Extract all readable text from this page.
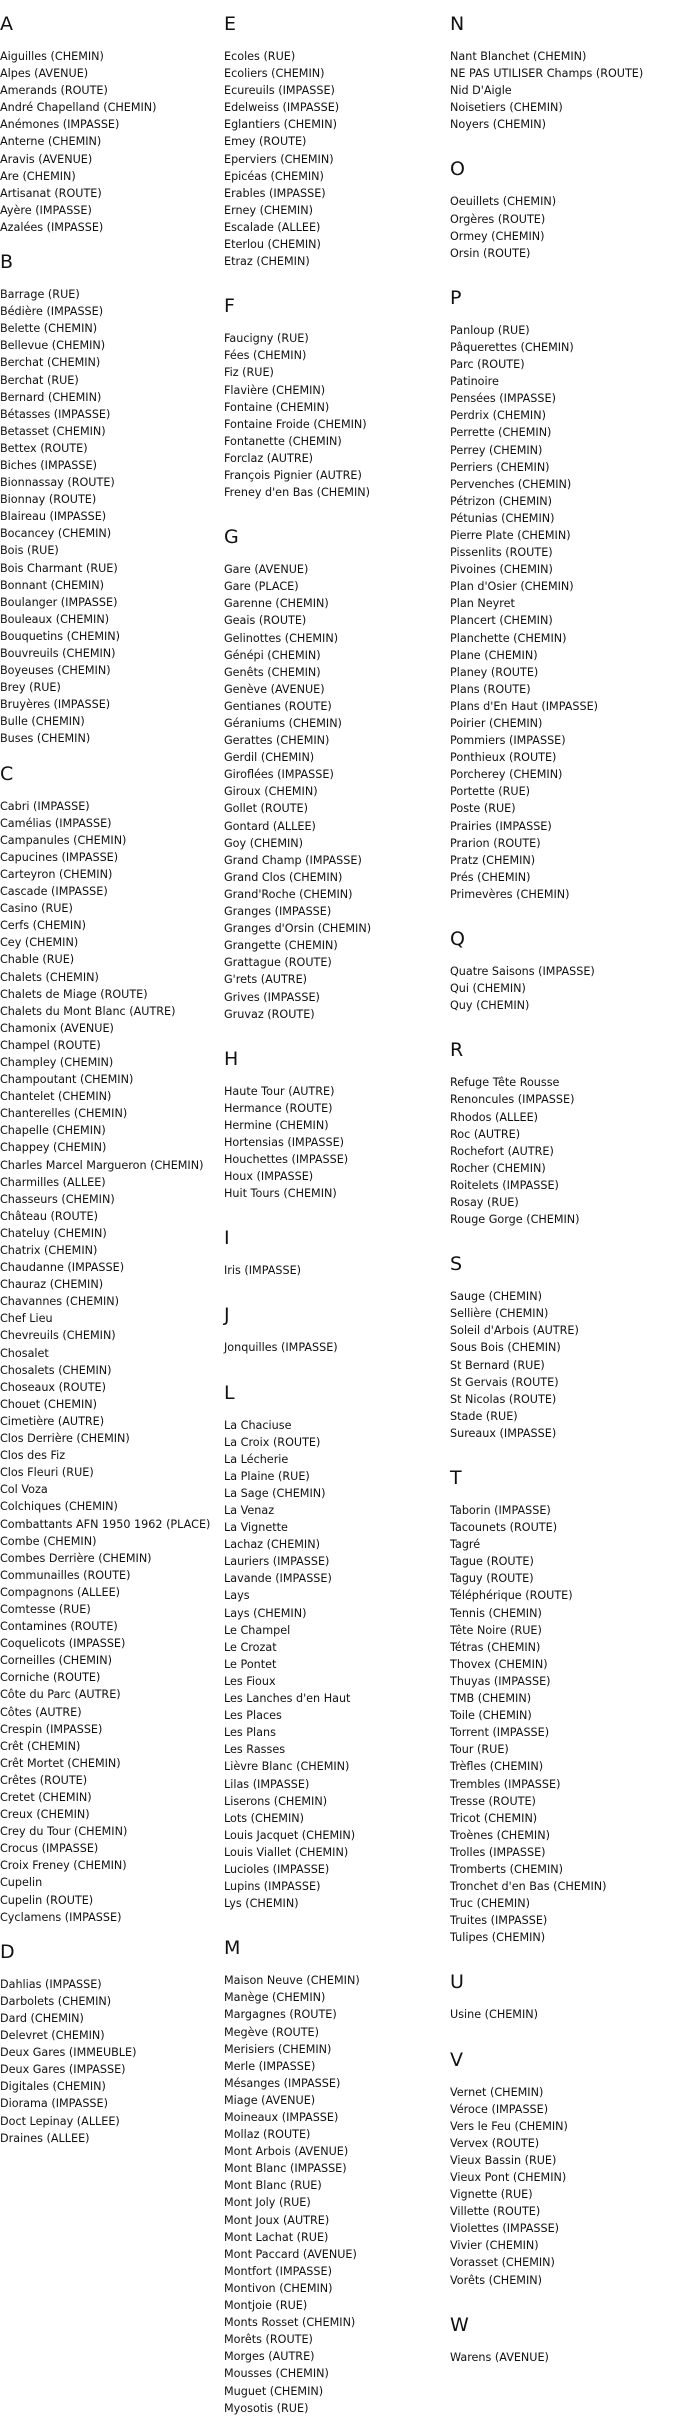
A
Aiguilles (CHEMIN)
Alpes (AVENUE)
Amerands (ROUTE)
André Chapelland (CHEMIN)
Anémones (IMPASSE)
Anterne (CHEMIN)
Aravis (AVENUE)
Are (CHEMIN)
Artisanat (ROUTE)
Ayère (IMPASSE)
Azalées (IMPASSE)
B
Barrage (RUE)
Bédière (IMPASSE)
Belette (CHEMIN)
Bellevue (CHEMIN)
Berchat (CHEMIN)
Berchat (RUE)
Bernard (CHEMIN)
Bétasses (IMPASSE)
Betasset (CHEMIN)
Bettex (ROUTE)
Biches (IMPASSE)
Bionnassay (ROUTE)
Bionnay (ROUTE)
Blaireau (IMPASSE)
Bocancey (CHEMIN)
Bois (RUE)
Bois Charmant (RUE)
Bonnant (CHEMIN)
Boulanger (IMPASSE)
Bouleaux (CHEMIN)
Bouquetins (CHEMIN)
Bouvreuils (CHEMIN)
Boyeuses (CHEMIN)
Brey (RUE)
Bruyères (IMPASSE)
Bulle (CHEMIN)
Buses (CHEMIN)
C
Cabri (IMPASSE)
Camélias (IMPASSE)
Campanules (CHEMIN)
Capucines (IMPASSE)
Carteyron (CHEMIN)
Cascade (IMPASSE)
Casino (RUE)
Cerfs (CHEMIN)
Cey (CHEMIN)
Chable (RUE)
Chalets (CHEMIN)
Chalets de Miage (ROUTE)
Chalets du Mont Blanc (AUTRE)
Chamonix (AVENUE)
Champel (ROUTE)
Champley (CHEMIN)
Champoutant (CHEMIN)
Chantelet (CHEMIN)
Chanterelles (CHEMIN)
Chapelle (CHEMIN)
Chappey (CHEMIN)
Charles Marcel Margueron (CHEMIN)
Charmilles (ALLEE)
Chasseurs (CHEMIN)
Château (ROUTE)
Chateluy (CHEMIN)
Chatrix (CHEMIN)
Chaudanne (IMPASSE)
Chauraz (CHEMIN)
Chavannes (CHEMIN)
Chef Lieu
Chevreuils (CHEMIN)
Chosalet
Chosalets (CHEMIN)
Choseaux (ROUTE)
Chouet (CHEMIN)
Cimetière (AUTRE)
Clos Derrière (CHEMIN)
Clos des Fiz
Clos Fleuri (RUE)
Col Voza
Colchiques (CHEMIN)
Combattants AFN 1950 1962 (PLACE)
Combe (CHEMIN)
Combes Derrière (CHEMIN)
Communailles (ROUTE)
Compagnons (ALLEE)
Comtesse (RUE)
Contamines (ROUTE)
Coquelicots (IMPASSE)
Corneilles (CHEMIN)
Corniche (ROUTE)
Côte du Parc (AUTRE)
Côtes (AUTRE)
Crespin (IMPASSE)
Crêt (CHEMIN)
Crêt Mortet (CHEMIN)
Crêtes (ROUTE)
Cretet (CHEMIN)
Creux (CHEMIN)
Crey du Tour (CHEMIN)
Crocus (IMPASSE)
Croix Freney (CHEMIN)
Cupelin
Cupelin (ROUTE)
Cyclamens (IMPASSE)
D
Dahlias (IMPASSE)
Darbolets (CHEMIN)
Dard (CHEMIN)
Delevret (CHEMIN)
Deux Gares (IMMEUBLE)
Deux Gares (IMPASSE)
Digitales (CHEMIN)
Diorama (IMPASSE)
Doct Lepinay (ALLEE)
Draines (ALLEE)
E
Ecoles (RUE)
Ecoliers (CHEMIN)
Ecureuils (IMPASSE)
Edelweiss (IMPASSE)
Eglantiers (CHEMIN)
Emey (ROUTE)
Eperviers (CHEMIN)
Epicéas (CHEMIN)
Erables (IMPASSE)
Erney (CHEMIN)
Escalade (ALLEE)
Eterlou (CHEMIN)
Etraz (CHEMIN)
F
Faucigny (RUE)
Fées (CHEMIN)
Fiz (RUE)
Flavière (CHEMIN)
Fontaine (CHEMIN)
Fontaine Froide (CHEMIN)
Fontanette (CHEMIN)
Forclaz (AUTRE)
François Pignier (AUTRE)
Freney d'en Bas (CHEMIN)
G
Gare (AVENUE)
Gare (PLACE)
Garenne (CHEMIN)
Geais (ROUTE)
Gelinottes (CHEMIN)
Génépi (CHEMIN)
Genêts (CHEMIN)
Genève (AVENUE)
Gentianes (ROUTE)
Géraniums (CHEMIN)
Gerattes (CHEMIN)
Gerdil (CHEMIN)
Giroflées (IMPASSE)
Giroux (CHEMIN)
Gollet (ROUTE)
Gontard (ALLEE)
Goy (CHEMIN)
Grand Champ (IMPASSE)
Grand Clos (CHEMIN)
Grand'Roche (CHEMIN)
Granges (IMPASSE)
Granges d'Orsin (CHEMIN)
Grangette (CHEMIN)
Grattague (ROUTE)
G'rets (AUTRE)
Grives (IMPASSE)
Gruvaz (ROUTE)
H
Haute Tour (AUTRE)
Hermance (ROUTE)
Hermine (CHEMIN)
Hortensias (IMPASSE)
Houchettes (IMPASSE)
Houx (IMPASSE)
Huit Tours (CHEMIN)
I
Iris (IMPASSE)
J
Jonquilles (IMPASSE)
L
La Chaciuse
La Croix (ROUTE)
La Lécherie
La Plaine (RUE)
La Sage (CHEMIN)
La Venaz
La Vignette
Lachaz (CHEMIN)
Lauriers (IMPASSE)
Lavande (IMPASSE)
Lays
Lays (CHEMIN)
Le Champel
Le Crozat
Le Pontet
Les Fioux
Les Lanches d'en Haut
Les Places
Les Plans
Les Rasses
Lièvre Blanc (CHEMIN)
Lilas (IMPASSE)
Liserons (CHEMIN)
Lots (CHEMIN)
Louis Jacquet (CHEMIN)
Louis Viallet (CHEMIN)
Lucioles (IMPASSE)
Lupins (IMPASSE)
Lys (CHEMIN)
M
Maison Neuve (CHEMIN)
Manège (CHEMIN)
Margagnes (ROUTE)
Megève (ROUTE)
Merisiers (CHEMIN)
Merle (IMPASSE)
Mésanges (IMPASSE)
Miage (AVENUE)
Moineaux (IMPASSE)
Mollaz (ROUTE)
Mont Arbois (AVENUE)
Mont Blanc (IMPASSE)
Mont Blanc (RUE)
Mont Joly (RUE)
Mont Joux (AUTRE)
Mont Lachat (RUE)
Mont Paccard (AVENUE)
Montfort (IMPASSE)
Montivon (CHEMIN)
Montjoie (RUE)
Monts Rosset (CHEMIN)
Morêts (ROUTE)
Morges (AUTRE)
Mousses (CHEMIN)
Muguet (CHEMIN)
Myosotis (RUE)
N
Nant Blanchet (CHEMIN)
NE PAS UTILISER Champs (ROUTE)
Nid D'Aigle
Noisetiers (CHEMIN)
Noyers (CHEMIN)
O
Oeuillets (CHEMIN)
Orgères (ROUTE)
Ormey (CHEMIN)
Orsin (ROUTE)
P
Panloup (RUE)
Pâquerettes (CHEMIN)
Parc (ROUTE)
Patinoire
Pensées (IMPASSE)
Perdrix (CHEMIN)
Perrette (CHEMIN)
Perrey (CHEMIN)
Perriers (CHEMIN)
Pervenches (CHEMIN)
Pétrizon (CHEMIN)
Pétunias (CHEMIN)
Pierre Plate (CHEMIN)
Pissenlits (ROUTE)
Pivoines (CHEMIN)
Plan d'Osier (CHEMIN)
Plan Neyret
Plancert (CHEMIN)
Planchette (CHEMIN)
Plane (CHEMIN)
Planey (ROUTE)
Plans (ROUTE)
Plans d'En Haut (IMPASSE)
Poirier (CHEMIN)
Pommiers (IMPASSE)
Ponthieux (ROUTE)
Porcherey (CHEMIN)
Portette (RUE)
Poste (RUE)
Prairies (IMPASSE)
Prarion (ROUTE)
Pratz (CHEMIN)
Prés (CHEMIN)
Primevères (CHEMIN)
Q
Quatre Saisons (IMPASSE)
Qui (CHEMIN)
Quy (CHEMIN)
R
Refuge Tête Rousse
Renoncules (IMPASSE)
Rhodos (ALLEE)
Roc (AUTRE)
Rochefort (AUTRE)
Rocher (CHEMIN)
Roitelets (IMPASSE)
Rosay (RUE)
Rouge Gorge (CHEMIN)
S
Sauge (CHEMIN)
Sellière (CHEMIN)
Soleil d'Arbois (AUTRE)
Sous Bois (CHEMIN)
St Bernard (RUE)
St Gervais (ROUTE)
St Nicolas (ROUTE)
Stade (RUE)
Sureaux (IMPASSE)
T
Taborin (IMPASSE)
Tacounets (ROUTE)
Tagré
Tague (ROUTE)
Taguy (ROUTE)
Téléphérique (ROUTE)
Tennis (CHEMIN)
Tête Noire (RUE)
Tétras (CHEMIN)
Thovex (CHEMIN)
Thuyas (IMPASSE)
TMB (CHEMIN)
Toile (CHEMIN)
Torrent (IMPASSE)
Tour (RUE)
Trèfles (CHEMIN)
Trembles (IMPASSE)
Tresse (ROUTE)
Tricot (CHEMIN)
Troènes (CHEMIN)
Trolles (IMPASSE)
Tromberts (CHEMIN)
Tronchet d'en Bas (CHEMIN)
Truc (CHEMIN)
Truites (IMPASSE)
Tulipes (CHEMIN)
U
Usine (CHEMIN)
V
Vernet (CHEMIN)
Véroce (IMPASSE)
Vers le Feu (CHEMIN)
Vervex (ROUTE)
Vieux Bassin (RUE)
Vieux Pont (CHEMIN)
Vignette (RUE)
Villette (ROUTE)
Violettes (IMPASSE)
Vivier (CHEMIN)
Vorasset (CHEMIN)
Vorêts (CHEMIN)
W
Warens (AVENUE)
